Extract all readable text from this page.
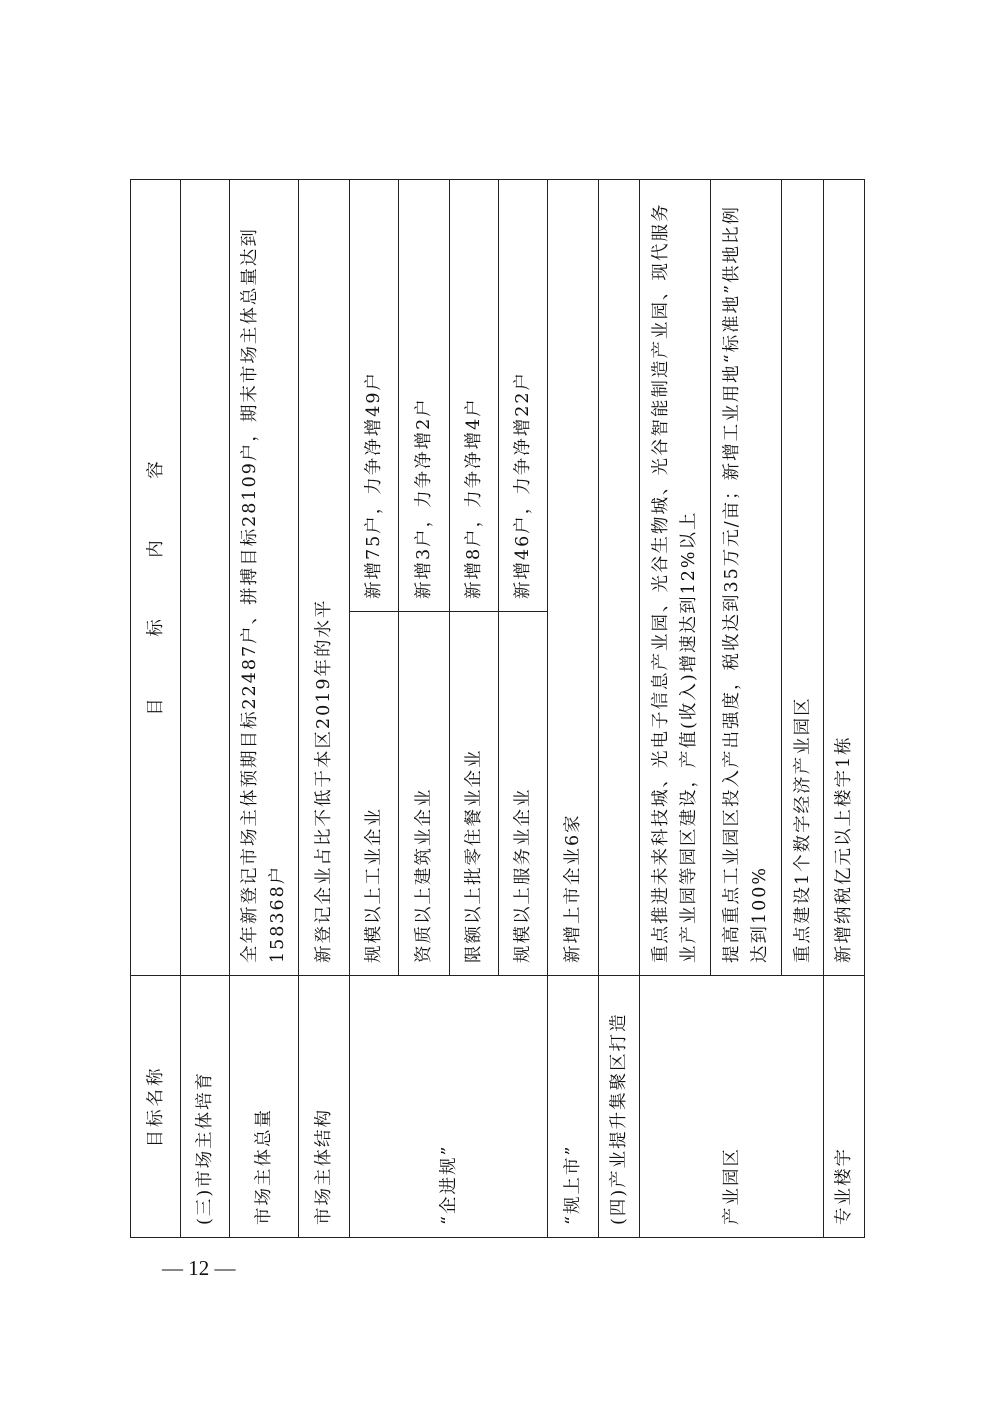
— 12 —
目标名称	目　标　内　容	
(三)市场主体培育		
市场主体总量	全年新登记市场主体预期目标22487户、拼搏目标28109户，期末市场主体总量达到158368户	
市场主体结构	新登记企业占比不低于本区2019年的水平	
“企进规”	规模以上工业企业	新增75户，力争净增49户
	资质以上建筑业企业	新增3户，力争净增2户
	限额以上批零住餐业企业	新增8户，力争净增4户
	规模以上服务业企业	新增46户，力争净增22户
“规上市”	新增上市企业6家	
(四)产业提升集聚区打造		
产业园区	重点推进未来科技城、光电子信息产业园、光谷生物城、光谷智能制造产业园、现代服务业产业园等园区建设，产值(收入)增速达到12%以上	
	提高重点工业园区投入产出强度，税收达到35万元/亩；新增工业用地“标准地”供地比例达到100%	
	重点建设1个数字经济产业园区	
专业楼宇	新增纳税亿元以上楼宇1栋	
